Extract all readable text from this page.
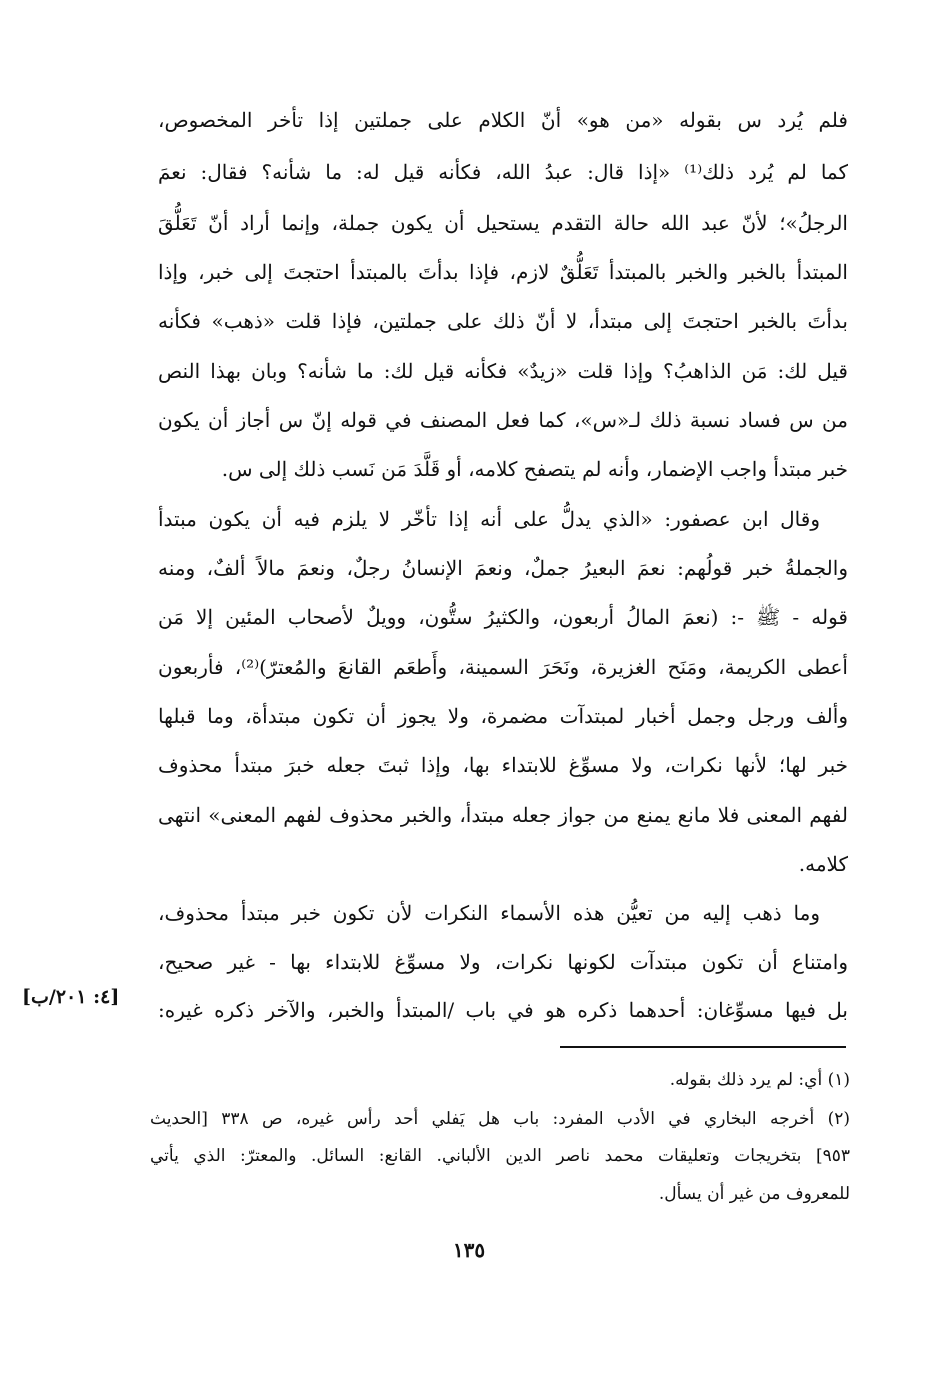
فلم يُرد س بقوله «من هو» أنّ الكلام على جملتين إذا تأخر المخصوص،
كما لم يُرد ذلك⁽¹⁾ «إذا قال: عبدُ الله، فكأنه قيل له: ما شأنه؟ فقال: نعمَ
الرجلُ»؛ لأنّ عبد الله حالة التقدم يستحيل أن يكون جملة، وإنما أراد أنّ تَعَلُّقَ
المبتدأ بالخبر والخبر بالمبتدأ تَعَلُّقٌ لازم، فإذا بدأتَ بالمبتدأ احتجتَ إلى خبر، وإذا
بدأتَ بالخبر احتجتَ إلى مبتدأ، لا أنّ ذلك على جملتين، فإذا قلت «ذهب» فكأنه
قيل لك: مَن الذاهبُ؟ وإذا قلت «زيدٌ» فكأنه قيل لك: ما شأنه؟ وبان بهذا النص
من س فساد نسبة ذلك لـ«س»، كما فعل المصنف في قوله إنّ س أجاز أن يكون
خبر مبتدأ واجب الإضمار، وأنه لم يتصفح كلامه، أو قَلَّدَ مَن نَسب ذلك إلى س.
وقال ابن عصفور: «الذي يدلُّ على أنه إذا تأخّر لا يلزم فيه أن يكون مبتدأ
والجملةُ خبر قولُهم: نعمَ البعيرُ جملٌ، ونعمَ الإنسانُ رجلٌ، ونعمَ مالاً ألفٌ، ومنه
قوله - ﷺ -: (نعمَ المالُ أربعون، والكثيرُ ستُّون، وويلٌ لأصحاب المئين إلا مَن
أعطى الكريمة، ومَنَح الغزيرة، ونَحَرَ السمينة، وأَطعَم القانعَ والمُعترّ)⁽²⁾، فأربعون
وألف ورجل وجمل أخبار لمبتدآت مضمرة، ولا يجوز أن تكون مبتدأة، وما قبلها
خبر لها؛ لأنها نكرات، ولا مسوِّغ للابتداء بها، وإذا ثبتَ جعله خبرَ مبتدأ محذوف
لفهم المعنى فلا مانع يمنع من جواز جعله مبتدأ، والخبر محذوف لفهم المعنى» انتهى
كلامه.
وما ذهب إليه من تعيُّن هذه الأسماء النكرات لأن تكون خبر مبتدأ محذوف،
وامتناع أن تكون مبتدآت لكونها نكرات، ولا مسوِّغ للابتداء بها - غير صحيح،
بل فيها مسوِّغان: أحدهما ذكره هو في باب /المبتدأ والخبر، والآخر ذكره غيره:
[٤: ٢٠١/ب]
(١) أي: لم يرد ذلك بقوله.
(٢) أخرجه البخاري في الأدب المفرد: باب هل يَفلي أحد رأس غيره، ص ٣٣٨ [الحديث
٩٥٣] بتخريجات وتعليقات محمد ناصر الدين الألباني. القانع: السائل. والمعترّ: الذي يأتي
للمعروف من غير أن يسأل.
١٣٥
